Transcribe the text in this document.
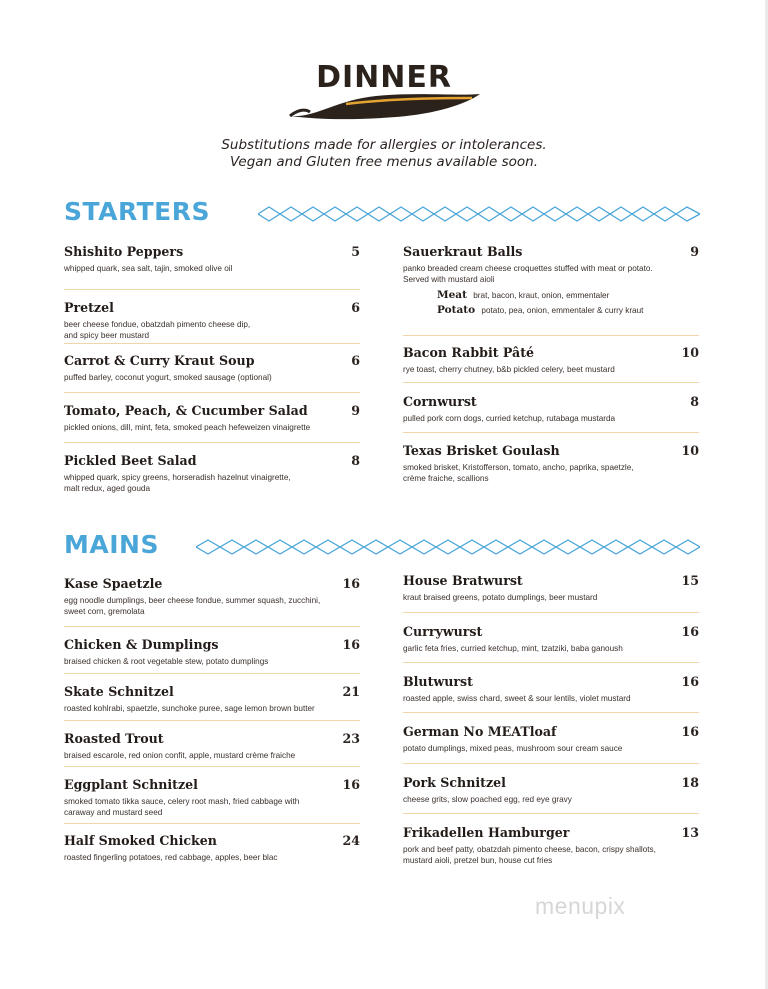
DINNER
Substitutions made for allergies or intolerances.
Vegan and Gluten free menus available soon.
STARTERS
Shishito Peppers	5
whipped quark, sea salt, tajin, smoked olive oil
Pretzel	6
beer cheese fondue, obatzdah pimento cheese dip,
and spicy beer mustard
Carrot & Curry Kraut Soup	6
puffed barley, coconut yogurt, smoked sausage (optional)
Tomato, Peach, & Cucumber Salad	9
pickled onions, dill, mint, feta, smoked peach hefeweizen vinaigrette
Pickled Beet Salad	8
whipped quark, spicy greens, horseradish hazelnut vinaigrette,
malt redux, aged gouda
Sauerkraut Balls	9
panko breaded cream cheese croquettes stuffed with meat or potato.
Served with mustard aioli
Meat brat, bacon, kraut, onion, emmentaler
Potato potato, pea, onion, emmentaler & curry kraut
Bacon Rabbit Pâté	10
rye toast, cherry chutney, b&b pickled celery, beet mustard
Cornwurst	8
pulled pork corn dogs, curried ketchup, rutabaga mustarda
Texas Brisket Goulash	10
smoked brisket, Kristofferson, tomato, ancho, paprika, spaetzle,
crème fraiche, scallions
MAINS
Kase Spaetzle	16
egg noodle dumplings, beer cheese fondue, summer squash, zucchini,
sweet corn, gremolata
Chicken & Dumplings	16
braised chicken & root vegetable stew, potato dumplings
Skate Schnitzel	21
roasted kohlrabi, spaetzle, sunchoke puree, sage lemon brown butter
Roasted Trout	23
braised escarole, red onion confit, apple, mustard crème fraiche
Eggplant Schnitzel	16
smoked tomato tikka sauce, celery root mash, fried cabbage with
caraway and mustard seed
Half Smoked Chicken	24
roasted fingerling potatoes, red cabbage, apples, beer blac
House Bratwurst	15
kraut braised greens, potato dumplings, beer mustard
Currywurst	16
garlic feta fries, curried ketchup, mint, tzatziki, baba ganoush
Blutwurst	16
roasted apple, swiss chard, sweet & sour lentils, violet mustard
German No MEATloaf	16
potato dumplings, mixed peas, mushroom sour cream sauce
Pork Schnitzel	18
cheese grits, slow poached egg, red eye gravy
Frikadellen Hamburger	13
pork and beef patty, obatzdah pimento cheese, bacon, crispy shallots,
mustard aioli, pretzel bun, house cut fries
menupix
